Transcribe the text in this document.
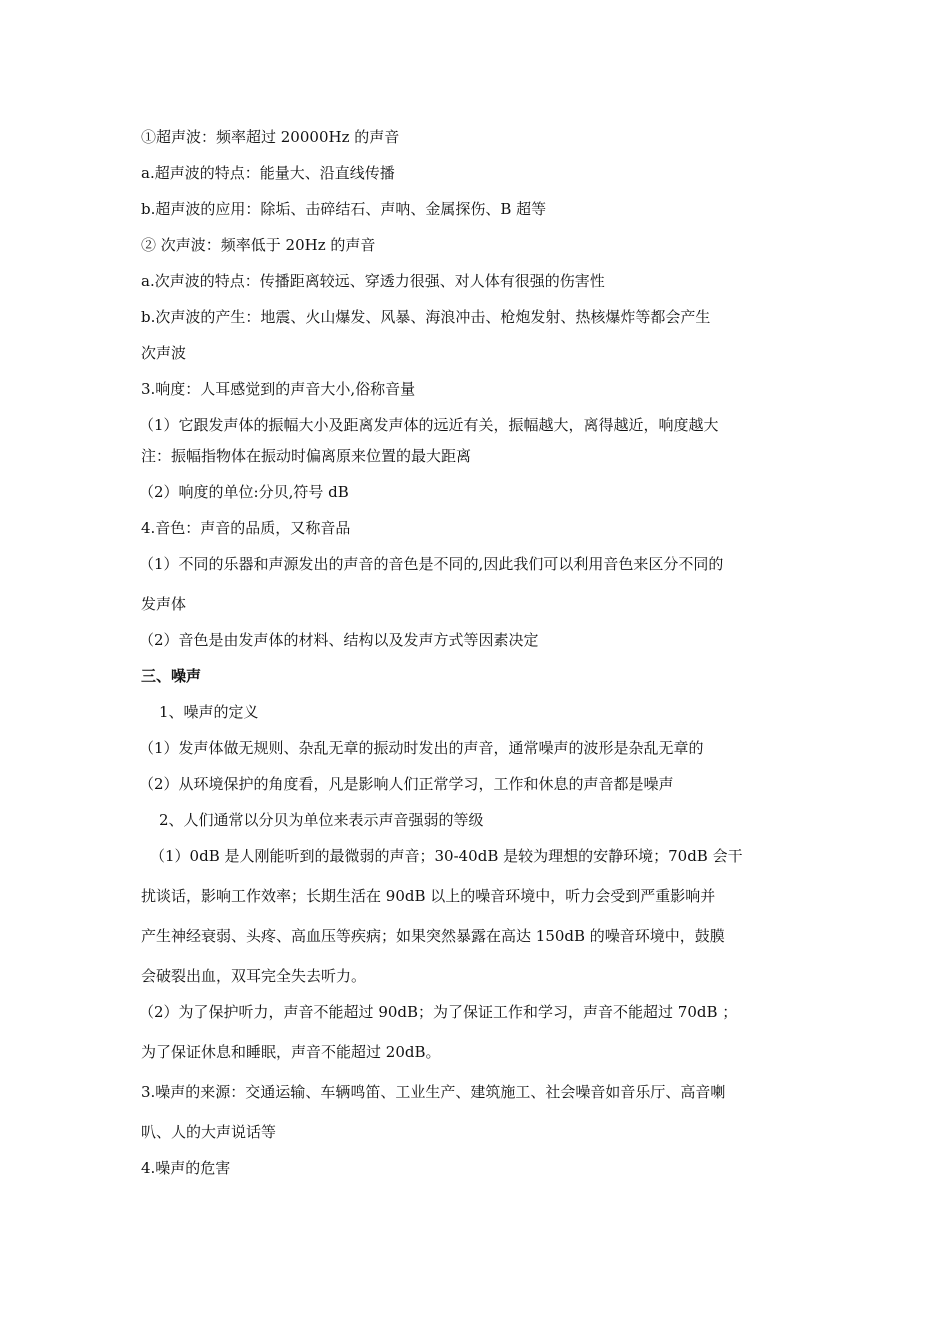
①超声波：频率超过 20000Hz 的声音
a.超声波的特点：能量大、沿直线传播
b.超声波的应用：除垢、击碎结石、声呐、金属探伤、B 超等
② 次声波：频率低于 20Hz 的声音
a.次声波的特点：传播距离较远、穿透力很强、对人体有很强的伤害性
b.次声波的产生：地震、火山爆发、风暴、海浪冲击、枪炮发射、热核爆炸等都会产生
次声波
3.响度：人耳感觉到的声音大小,俗称音量
（1）它跟发声体的振幅大小及距离发声体的远近有关，振幅越大，离得越近，响度越大
注：振幅指物体在振动时偏离原来位置的最大距离
（2）响度的单位:分贝,符号 dB
4.音色：声音的品质，又称音品
（1）不同的乐器和声源发出的声音的音色是不同的,因此我们可以利用音色来区分不同的
发声体
（2）音色是由发声体的材料、结构以及发声方式等因素决定
三、噪声
1、噪声的定义
（1）发声体做无规则、杂乱无章的振动时发出的声音，通常噪声的波形是杂乱无章的
（2）从环境保护的角度看，凡是影响人们正常学习，工作和休息的声音都是噪声
2、人们通常以分贝为单位来表示声音强弱的等级
（1）0dB 是人刚能听到的最微弱的声音；30-40dB 是较为理想的安静环境；70dB 会干
扰谈话，影响工作效率；长期生活在 90dB 以上的噪音环境中，听力会受到严重影响并
产生神经衰弱、头疼、高血压等疾病；如果突然暴露在高达 150dB 的噪音环境中，鼓膜
会破裂出血，双耳完全失去听力。
（2）为了保护听力，声音不能超过 90dB；为了保证工作和学习，声音不能超过 70dB ；
为了保证休息和睡眠，声音不能超过 20dB。
3.噪声的来源：交通运输、车辆鸣笛、工业生产、建筑施工、社会噪音如音乐厅、高音喇
叭、人的大声说话等
4.噪声的危害
